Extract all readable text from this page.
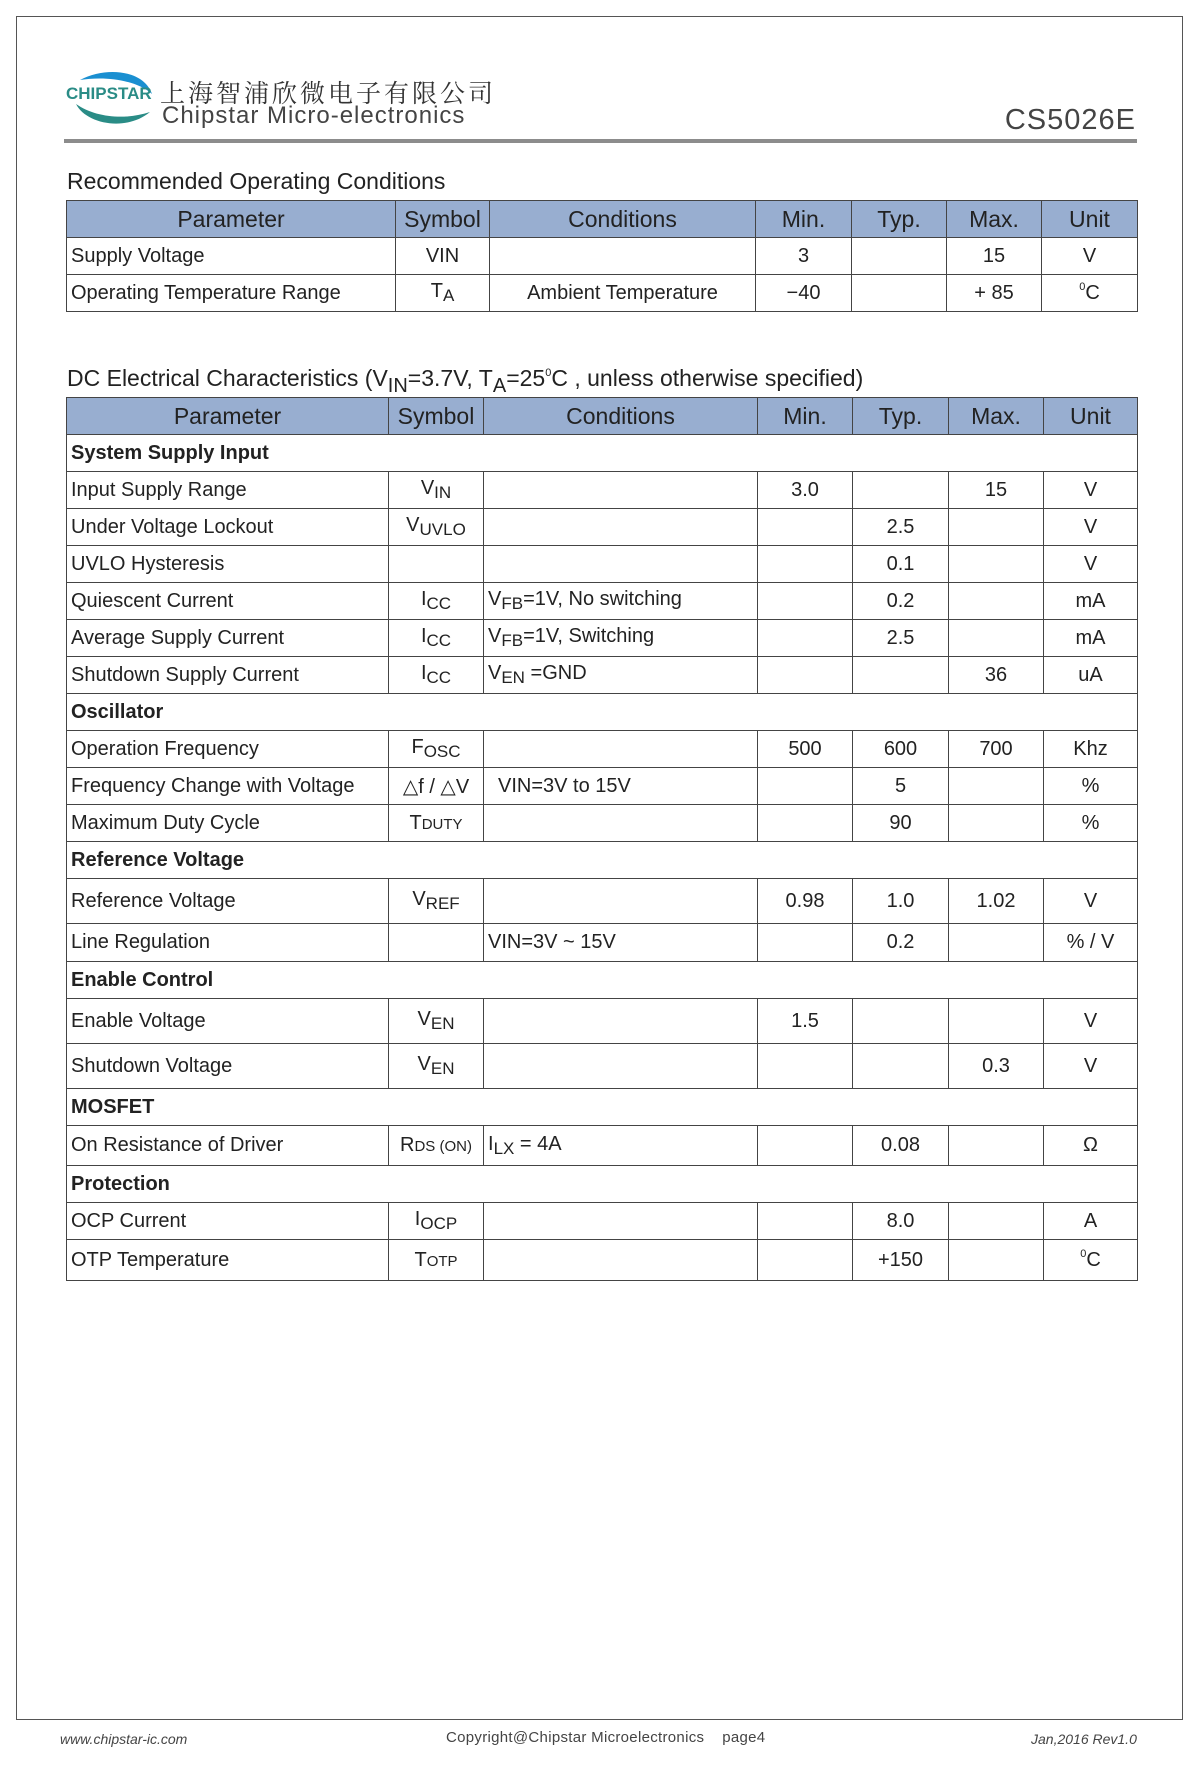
CHIPSTAR 上海智浦欣微电子有限公司
Chipstar Micro-electronics	CS5026E
Recommended Operating Conditions
Parameter	Symbol	Conditions	Min.	Typ.	Max.	Unit
Supply Voltage	VIN		3		15	V
Operating Temperature Range	$T_A$	Ambient Temperature	−40		+ 85	$^0$C
DC Electrical Characteristics ($V_{IN}=3.7V$, $T_A=25^0C$ , unless otherwise specified)
Parameter	Symbol	Conditions	Min.	Typ.	Max.	Unit
System Supply Input						
Input Supply Range	$V_{IN}$		3.0		15	V
Under Voltage Lockout	$V_{UVLO}$			2.5		V
UVLO Hysteresis				0.1		V
Quiescent Current	$I_{CC}$	$V_{FB}=1V$, No switching		0.2		mA
Average Supply Current	$I_{CC}$	$V_{FB}=1V$, Switching		2.5		mA
Shutdown Supply Current	$I_{CC}$	$V_{EN} =GND$			36	uA
Oscillator						
Operation Frequency	$F_{OSC}$		500	600	700	Khz
Frequency Change with Voltage	△f / △V	VIN=3V to 15V		5		%
Maximum Duty Cycle	TDUTY			90		%
Reference Voltage						
Reference Voltage	$V_{REF}$		0.98	1.0	1.02	V
Line Regulation		VIN=3V ~ 15V		0.2		% / V
Enable Control						
Enable Voltage	$V_{EN}$		1.5			V
Shutdown Voltage	$V_{EN}$				0.3	V
MOSFET						
On Resistance of Driver	RDS (ON)	$I_{LX} = 4A$		0.08		Ω
Protection						
OCP Current	$I_{OCP}$			8.0		A
OTP Temperature	TOTP			+150		$^0$C
www.chipstar-ic.com	Copyright@Chipstar Microelectronics page4	Jan,2016 Rev1.0
